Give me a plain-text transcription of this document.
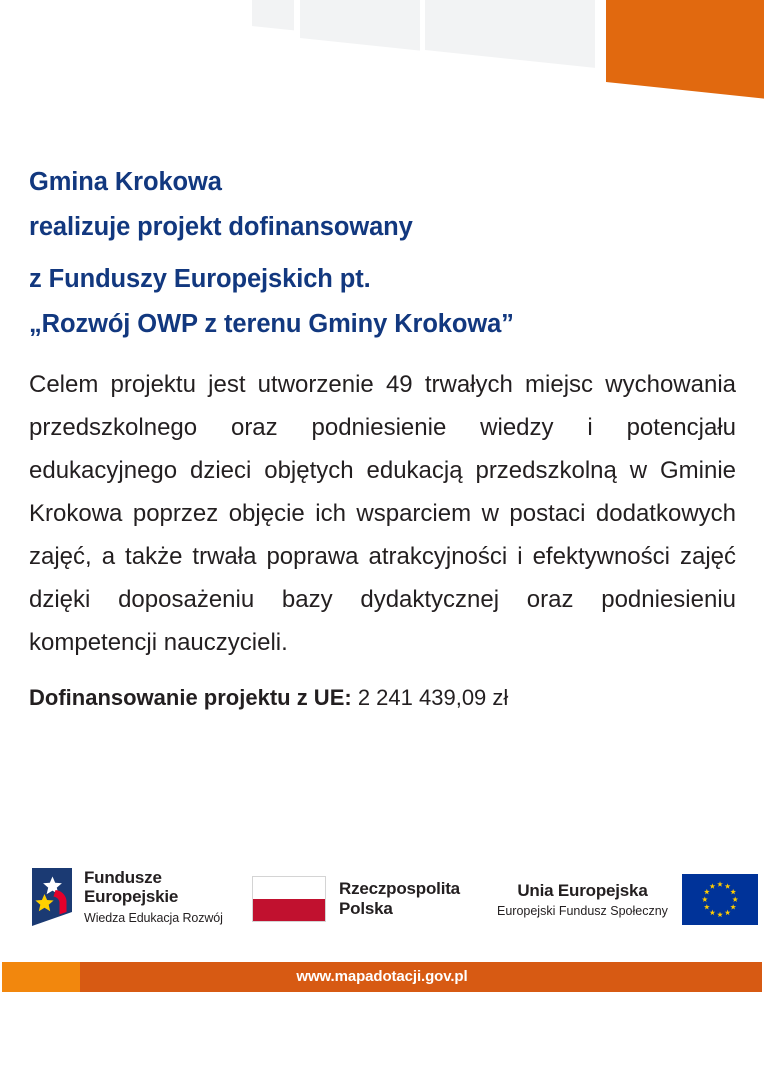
Gmina Krokowa
realizuje projekt dofinansowany
z Funduszy Europejskich pt.
„Rozwój OWP z terenu Gminy Krokowa”

Celem projektu jest utworzenie 49 trwałych miejsc wychowania przedszkolnego oraz podniesienie wiedzy i potencjału edukacyjnego dzieci objętych edukacją przedszkolną w Gminie Krokowa poprzez objęcie ich wsparciem w postaci dodatkowych zajęć, a także trwała poprawa atrakcyjności i efektywności zajęć dzięki doposażeniu bazy dydaktycznej oraz podniesieniu kompetencji nauczycieli.

Dofinansowanie projektu z UE: 2 241 439,09 zł
Fundusze
Europejskie
Wiedza Edukacja Rozwój
Rzeczpospolita
Polska
Unia Europejska
Europejski Fundusz Społeczny
www.mapadotacji.gov.pl
